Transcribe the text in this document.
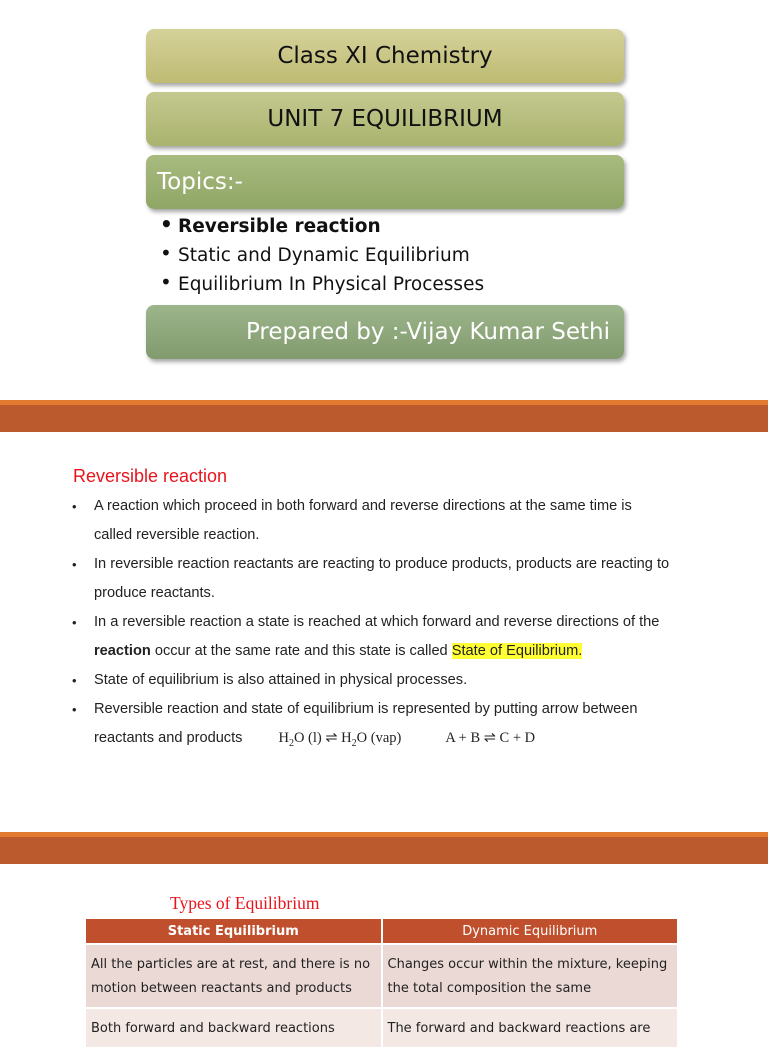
Class XI Chemistry
UNIT 7 EQUILIBRIUM
Topics:-
• Reversible reaction
• Static and Dynamic Equilibrium
• Equilibrium In Physical Processes
Prepared by :-Vijay Kumar Sethi
Reversible reaction
• A reaction which proceed in both forward and reverse directions at the same time is called reversible reaction.
• In reversible reaction reactants are reacting to produce products, products are reacting to produce reactants.
• In a reversible reaction a state is reached at which forward and reverse directions of the reaction occur at the same rate and this state is called State of Equilibrium.
• State of equilibrium is also attained in physical processes.
• Reversible reaction and state of equilibrium is represented by putting arrow between reactants and products $H_2O$ (l) ⇌ $H_2O$ (vap)	A + B ⇌ C + D
Types of Equilibrium
Static Equilibrium	Dynamic Equilibrium
All the particles are at rest, and there is no motion between reactants and products	Changes occur within the mixture, keeping the total composition the same
Both forward and backward reactions	The forward and backward reactions are
